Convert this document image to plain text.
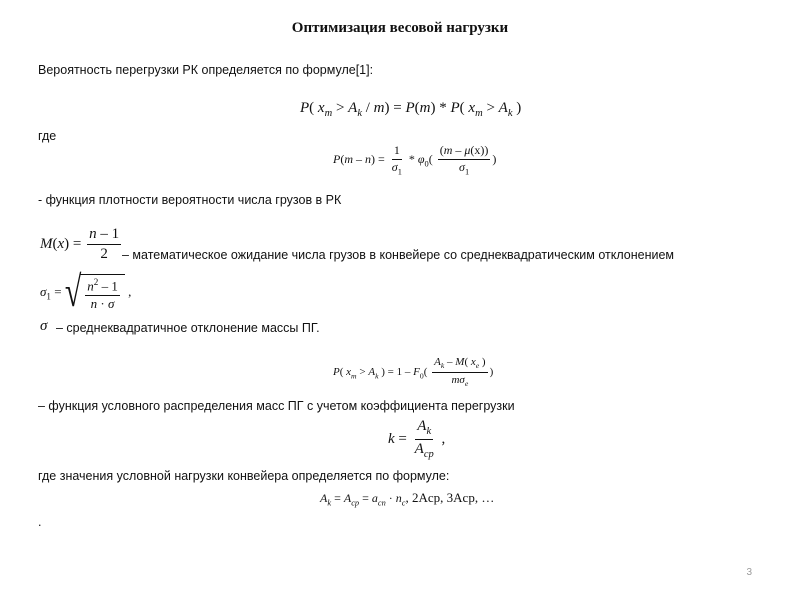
Оптимизация весовой нагрузки
Вероятность перегрузки РК определяется по формуле[1]:
P( $x_m > A_k / m) = P(m) * P$( $x_m > A_k$ )
где
$P(m - n) = \frac{1}{\sigma_1} * \varphi_0( \frac{(m - \mu(x))}{\sigma_1}$ )
- функция плотности вероятности числа грузов в РК
$M(x) = \frac{n - 1}{2}$ – математическое ожидание числа грузов в конвейере со среднеквадратическим отклонением
$\sigma_1$ = √ $\frac{n^2 - 1}{n \cdot \sigma}$ ,
σ – среднеквадратичное отклонение массы ПГ.
P( $x_m > A_k$ ) = $1 - F_0( \frac{A_k - M( x_e )}{m\sigma_e}$ )
– функция условного распределения масс ПГ с учетом коэффициента перегрузки
$k = \frac{A_k}{A_{cp}}$ ,
где значения условной нагрузки конвейера определяется по формуле:
$A_k = A_{cp} = a_{cn} \cdot n_c$, 2Aср, 3Aср, …
.
3
